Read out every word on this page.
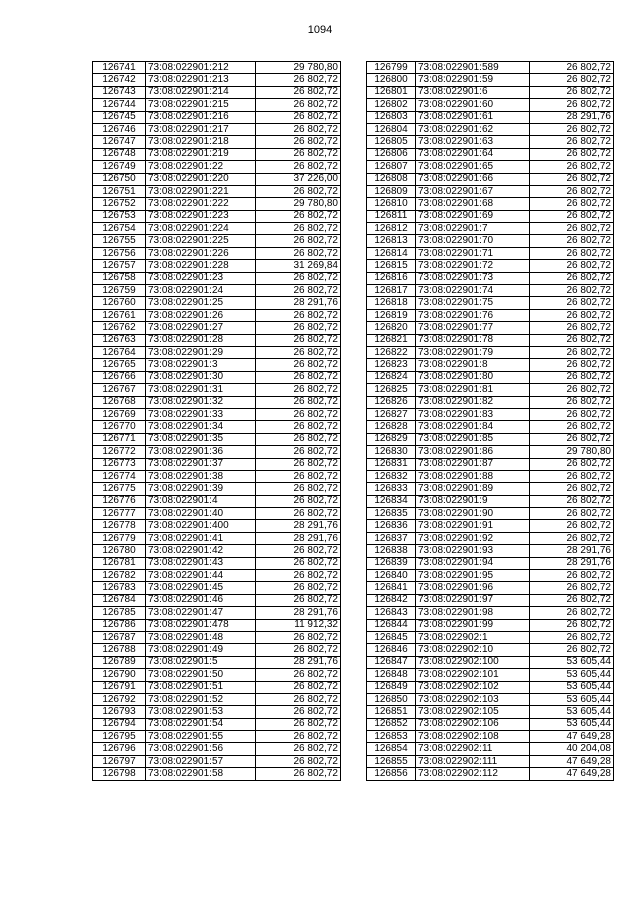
1094
126741	73:08:022901:212	29 780,80
126742	73:08:022901:213	26 802,72
126743	73:08:022901:214	26 802,72
126744	73:08:022901:215	26 802,72
126745	73:08:022901:216	26 802,72
126746	73:08:022901:217	26 802,72
126747	73:08:022901:218	26 802,72
126748	73:08:022901:219	26 802,72
126749	73:08:022901:22	26 802,72
126750	73:08:022901:220	37 226,00
126751	73:08:022901:221	26 802,72
126752	73:08:022901:222	29 780,80
126753	73:08:022901:223	26 802,72
126754	73:08:022901:224	26 802,72
126755	73:08:022901:225	26 802,72
126756	73:08:022901:226	26 802,72
126757	73:08:022901:228	31 269,84
126758	73:08:022901:23	26 802,72
126759	73:08:022901:24	26 802,72
126760	73:08:022901:25	28 291,76
126761	73:08:022901:26	26 802,72
126762	73:08:022901:27	26 802,72
126763	73:08:022901:28	26 802,72
126764	73:08:022901:29	26 802,72
126765	73:08:022901:3	26 802,72
126766	73:08:022901:30	26 802,72
126767	73:08:022901:31	26 802,72
126768	73:08:022901:32	26 802,72
126769	73:08:022901:33	26 802,72
126770	73:08:022901:34	26 802,72
126771	73:08:022901:35	26 802,72
126772	73:08:022901:36	26 802,72
126773	73:08:022901:37	26 802,72
126774	73:08:022901:38	26 802,72
126775	73:08:022901:39	26 802,72
126776	73:08:022901:4	26 802,72
126777	73:08:022901:40	26 802,72
126778	73:08:022901:400	28 291,76
126779	73:08:022901:41	28 291,76
126780	73:08:022901:42	26 802,72
126781	73:08:022901:43	26 802,72
126782	73:08:022901:44	26 802,72
126783	73:08:022901:45	26 802,72
126784	73:08:022901:46	26 802,72
126785	73:08:022901:47	28 291,76
126786	73:08:022901:478	11 912,32
126787	73:08:022901:48	26 802,72
126788	73:08:022901:49	26 802,72
126789	73:08:022901:5	28 291,76
126790	73:08:022901:50	26 802,72
126791	73:08:022901:51	26 802,72
126792	73:08:022901:52	26 802,72
126793	73:08:022901:53	26 802,72
126794	73:08:022901:54	26 802,72
126795	73:08:022901:55	26 802,72
126796	73:08:022901:56	26 802,72
126797	73:08:022901:57	26 802,72
126798	73:08:022901:58	26 802,72
126799	73:08:022901:589	26 802,72
126800	73:08:022901:59	26 802,72
126801	73:08:022901:6	26 802,72
126802	73:08:022901:60	26 802,72
126803	73:08:022901:61	28 291,76
126804	73:08:022901:62	26 802,72
126805	73:08:022901:63	26 802,72
126806	73:08:022901:64	26 802,72
126807	73:08:022901:65	26 802,72
126808	73:08:022901:66	26 802,72
126809	73:08:022901:67	26 802,72
126810	73:08:022901:68	26 802,72
126811	73:08:022901:69	26 802,72
126812	73:08:022901:7	26 802,72
126813	73:08:022901:70	26 802,72
126814	73:08:022901:71	26 802,72
126815	73:08:022901:72	26 802,72
126816	73:08:022901:73	26 802,72
126817	73:08:022901:74	26 802,72
126818	73:08:022901:75	26 802,72
126819	73:08:022901:76	26 802,72
126820	73:08:022901:77	26 802,72
126821	73:08:022901:78	26 802,72
126822	73:08:022901:79	26 802,72
126823	73:08:022901:8	26 802,72
126824	73:08:022901:80	26 802,72
126825	73:08:022901:81	26 802,72
126826	73:08:022901:82	26 802,72
126827	73:08:022901:83	26 802,72
126828	73:08:022901:84	26 802,72
126829	73:08:022901:85	26 802,72
126830	73:08:022901:86	29 780,80
126831	73:08:022901:87	26 802,72
126832	73:08:022901:88	26 802,72
126833	73:08:022901:89	26 802,72
126834	73:08:022901:9	26 802,72
126835	73:08:022901:90	26 802,72
126836	73:08:022901:91	26 802,72
126837	73:08:022901:92	26 802,72
126838	73:08:022901:93	28 291,76
126839	73:08:022901:94	28 291,76
126840	73:08:022901:95	26 802,72
126841	73:08:022901:96	26 802,72
126842	73:08:022901:97	26 802,72
126843	73:08:022901:98	26 802,72
126844	73:08:022901:99	26 802,72
126845	73:08:022902:1	26 802,72
126846	73:08:022902:10	26 802,72
126847	73:08:022902:100	53 605,44
126848	73:08:022902:101	53 605,44
126849	73:08:022902:102	53 605,44
126850	73:08:022902:103	53 605,44
126851	73:08:022902:105	53 605,44
126852	73:08:022902:106	53 605,44
126853	73:08:022902:108	47 649,28
126854	73:08:022902:11	40 204,08
126855	73:08:022902:111	47 649,28
126856	73:08:022902:112	47 649,28
